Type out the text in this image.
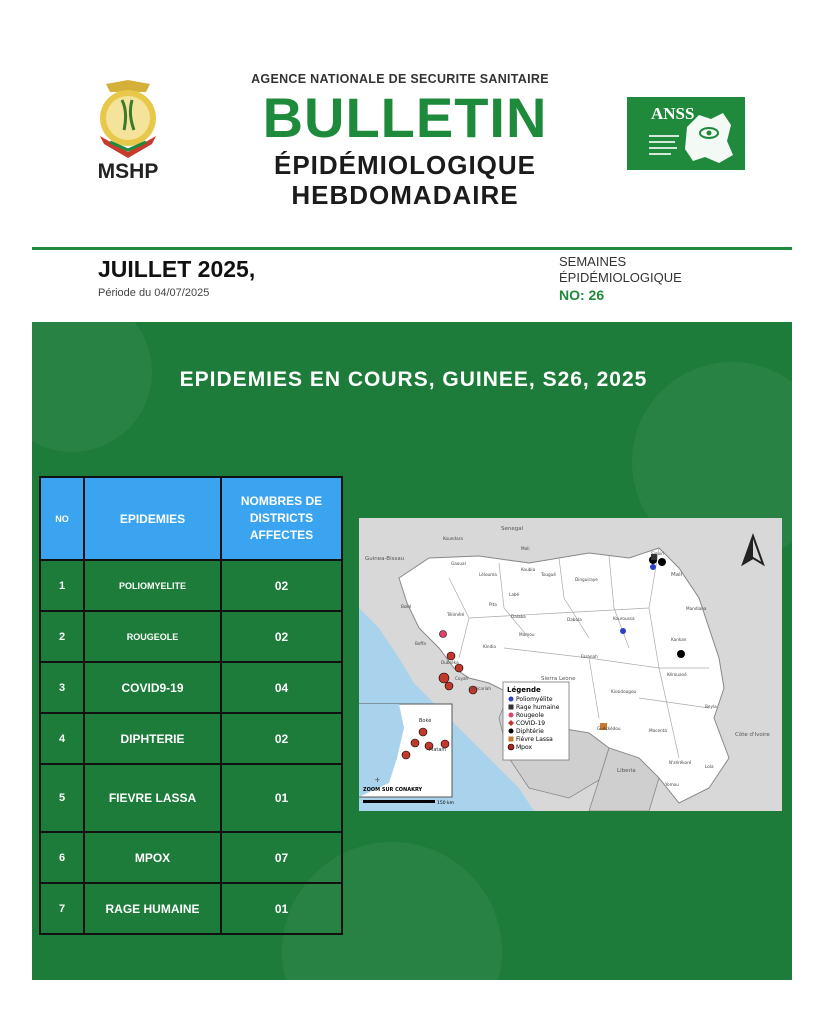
MSHP
AGENCE NATIONALE DE SECURITE SANITAIRE
BULLETIN
ÉPIDÉMIOLOGIQUE
HEBDOMADAIRE
ANSS
JUILLET 2025,
Période du 04/07/2025
SEMAINES
ÉPIDÉMIOLOGIQUE
NO: 26
EPIDEMIES EN COURS, GUINEE, S26, 2025
NO	EPIDEMIES	NOMBRES DE DISTRICTS AFFECTES
1	POLIOMYELITE	02
2	ROUGEOLE	02
3	COVID9-19	04
4	DIPHTERIE	02
5	FIEVRE LASSA	01
6	MPOX	07
7	RAGE HUMAINE	01
Légende
Poliomyélite
Rage humaine
Rougeole
COVID-19
Diphtérie
Fièvre Lassa
Mpox
Boké
Matam
✛
ZOOM SUR CONAKRY
150 km
Senegal
Mali
Guinea-Bissau
Sierra Leone
Liberia
Côte d'Ivoire
Koundara
Mali
Gaoual
Lélouma
Koubia
Tougué
Dinguiraye
Siguiri
Mandiana
Boké
Télimélé
Pita
Labé
Dalaba
Mamou
Dabola	Kouroussa
Kankan
Boffa
Dubréka
Kindia
Faranah
Kissidougou
Kérouané
Beyla
Forécariah
Coyah
Guéckédou	Macenta
Lola
N'zérékoré
Yomou
